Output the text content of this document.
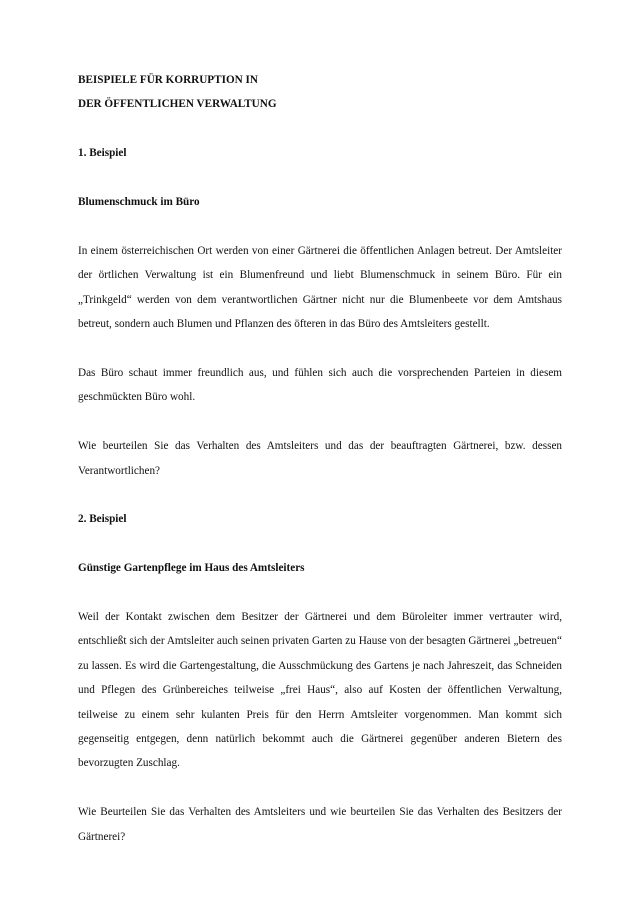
BEISPIELE FÜR KORRUPTION IN
DER ÖFFENTLICHEN VERWALTUNG

1. Beispiel

Blumenschmuck im Büro

In einem österreichischen Ort werden von einer Gärtnerei die öffentlichen Anlagen betreut. Der Amtsleiter der örtlichen Verwaltung ist ein Blumenfreund und liebt Blumenschmuck in seinem Büro. Für ein „Trinkgeld“ werden von dem verantwortlichen Gärtner nicht nur die Blumenbeete vor dem Amtshaus betreut, sondern auch Blumen und Pflanzen des öfteren in das Büro des Amtsleiters gestellt.

Das Büro schaut immer freundlich aus, und fühlen sich auch die vorsprechenden Parteien in diesem geschmückten Büro wohl.

Wie beurteilen Sie das Verhalten des Amtsleiters und das der beauftragten Gärtnerei, bzw. dessen Verantwortlichen?

2. Beispiel

Günstige Gartenpflege im Haus des Amtsleiters

Weil der Kontakt zwischen dem Besitzer der Gärtnerei und dem Büroleiter immer vertrauter wird, entschließt sich der Amtsleiter auch seinen privaten Garten zu Hause von der besagten Gärtnerei „betreuen“ zu lassen. Es wird die Gartengestaltung, die Ausschmückung des Gartens je nach Jahreszeit, das Schneiden und Pflegen des Grünbereiches teilweise „frei Haus“, also auf Kosten der öffentlichen Verwaltung, teilweise zu einem sehr kulanten Preis für den Herrn Amtsleiter vorgenommen. Man kommt sich gegenseitig entgegen, denn natürlich bekommt auch die Gärtnerei gegenüber anderen Bietern des bevorzugten Zuschlag.

Wie Beurteilen Sie das Verhalten des Amtsleiters und wie beurteilen Sie das Verhalten des Besitzers der Gärtnerei?
